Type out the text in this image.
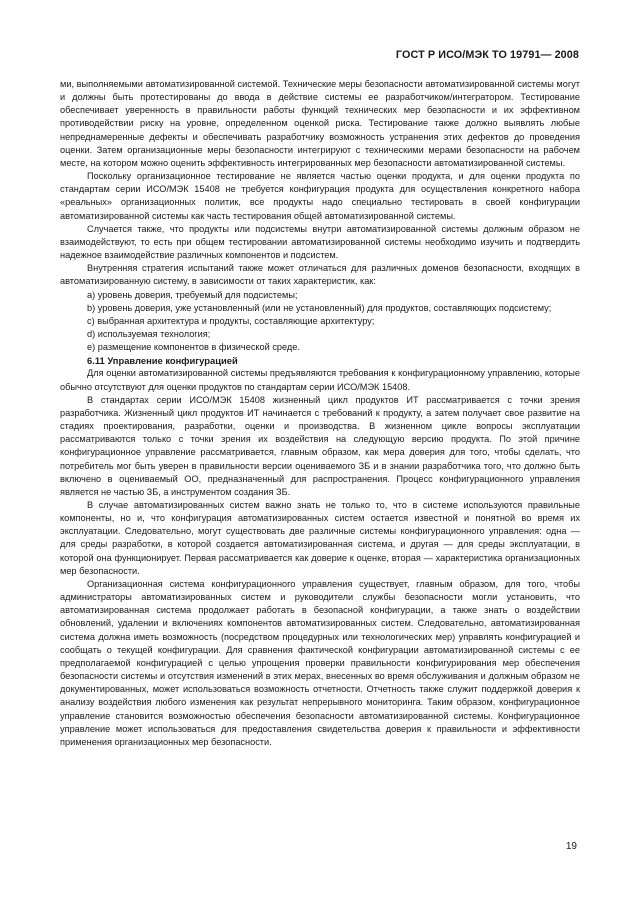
ГОСТ Р ИСО/МЭК ТО 19791— 2008

ми, выполняемыми автоматизированной системой. Технические меры безопасности автоматизированной системы могут и должны быть протестированы до ввода в действие системы ее разработчиком/интегратором. Тестирование обеспечивает уверенность в правильности работы функций технических мер безопасности и их эффективном противодействии риску на уровне, определенном оценкой риска. Тестирование также должно выявлять любые непреднамеренные дефекты и обеспечивать разработчику возможность устранения этих дефектов до проведения оценки. Затем организационные меры безопасности интегрируют с техническими мерами безопасности на рабочем месте, на котором можно оценить эффективность интегрированных мер безопасности автоматизированной системы.

Поскольку организационное тестирование не является частью оценки продукта, и для оценки продукта по стандартам серии ИСО/МЭК 15408 не требуется конфигурация продукта для осуществления конкретного набора «реальных» организационных политик, все продукты надо специально тестировать в своей конфигурации автоматизированной системы как часть тестирования общей автоматизированной системы.

Случается также, что продукты или подсистемы внутри автоматизированной системы должным образом не взаимодействуют, то есть при общем тестировании автоматизированной системы необходимо изучить и подтвердить надежное взаимодействие различных компонентов и подсистем.

Внутренняя стратегия испытаний также может отличаться для различных доменов безопасности, входящих в автоматизированную систему, в зависимости от таких характеристик, как:

a) уровень доверия, требуемый для подсистемы;

b) уровень доверия, уже установленный (или не установленный) для продуктов, составляющих подсистему;

c) выбранная архитектура и продукты, составляющие архитектуру;

d) используемая технология;

e) размещение компонентов в физической среде.

6.11 Управление конфигурацией

Для оценки автоматизированной системы предъявляются требования к конфигурационному управлению, которые обычно отсутствуют для оценки продуктов по стандартам серии ИСО/МЭК 15408.

В стандартах серии ИСО/МЭК 15408 жизненный цикл продуктов ИТ рассматривается с точки зрения разработчика. Жизненный цикл продуктов ИТ начинается с требований к продукту, а затем получает свое развитие на стадиях проектирования, разработки, оценки и производства. В жизненном цикле вопросы эксплуатации рассматриваются только с точки зрения их воздействия на следующую версию продукта. По этой причине конфигурационное управление рассматривается, главным образом, как мера доверия для того, чтобы сделать, что потребитель мог быть уверен в правильности версии оцениваемого ЗБ и в знании разработчика того, что должно быть включено в оцениваемый ОО, предназначенный для распространения. Процесс конфигурационного управления является не частью ЗБ, а инструментом создания ЗБ.

В случае автоматизированных систем важно знать не только то, что в системе используются правильные компоненты, но и, что конфигурация автоматизированных систем остается известной и понятной во время их эксплуатации. Следовательно, могут существовать две различные системы конфигурационного управления: одна — для среды разработки, в которой создается автоматизированная система, и другая — для среды эксплуатации, в которой она функционирует. Первая рассматривается как доверие к оценке, вторая — характеристика организационных мер безопасности.

Организационная система конфигурационного управления существует, главным образом, для того, чтобы администраторы автоматизированных систем и руководители службы безопасности могли установить, что автоматизированная система продолжает работать в безопасной конфигурации, а также знать о воздействии обновлений, удалении и включениях компонентов автоматизированных систем. Следовательно, автоматизированная система должна иметь возможность (посредством процедурных или технологических мер) управлять конфигурацией и сообщать о текущей конфигурации. Для сравнения фактической конфигурации автоматизированной системы с ее предполагаемой конфигурацией с целью упрощения проверки правильности конфигурирования мер обеспечения безопасности системы и отсутствия изменений в этих мерах, внесенных во время обслуживания и должным образом не документированных, может использоваться возможность отчетности. Отчетность также служит поддержкой доверия к анализу воздействия любого изменения как результат непрерывного мониторинга. Таким образом, конфигурационное управление становится возможностью обеспечения безопасности автоматизированной системы. Конфигурационное управление может использоваться для предоставления свидетельства доверия к правильности и эффективности применения организационных мер безопасности.

19
